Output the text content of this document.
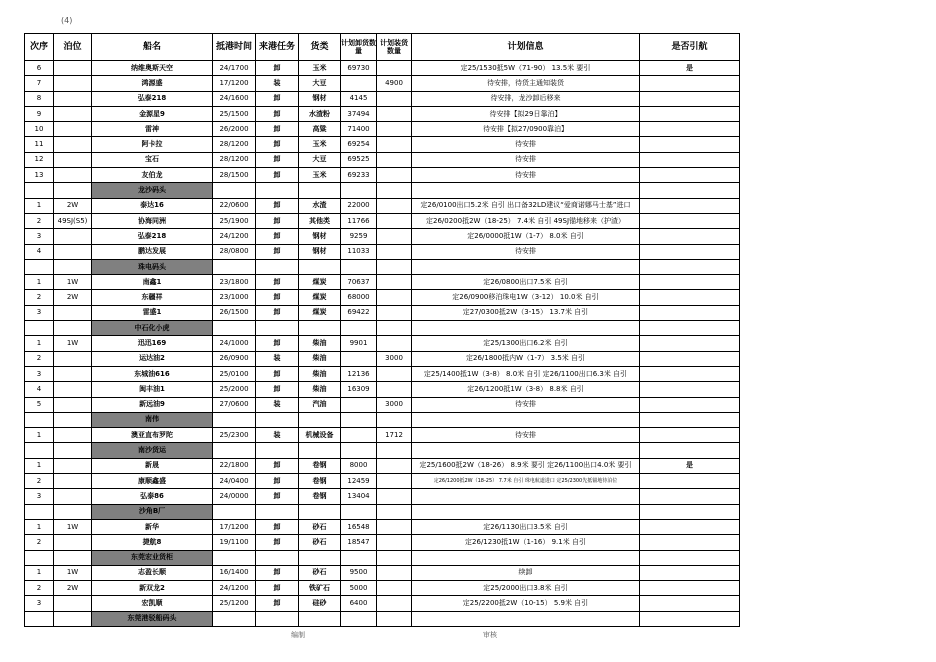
(4)
次序	泊位	船名	抵港时间	来港任务	货类	计划卸货数量	计划装货数量	计划信息	是否引航
6		纳维奥斯天空	24/1700	卸	玉米	69730		定25/1530抵5W（71-90） 13.5米 要引	是
7		鸿源盛	17/1200	装	大豆		4900	待安排，待货主通知装货	
8		弘泰218	24/1600	卸	钢材	4145		待安排，龙沙卸后移来	
9		金源星9	25/1500	卸	水渣粉	37494		待安排【拟29日靠泊】	
10		雷神	26/2000	卸	高粱	71400		待安排【拟27/0900靠泊】	
11		阿卡拉	28/1200	卸	玉米	69254		待安排	
12		宝石	28/1200	卸	大豆	69525		待安排	
13		友伯龙	28/1500	卸	玉米	69233		待安排	
		龙沙码头							
1	2W	泰达16	22/0600	卸	水渣	22000		定26/0100出口5.2米 自引 出口备32LD建议“爱商诺娜马士基”进口	
2	49SJ(S5)	协海同洲	25/1900	卸	其他类	11766		定26/0200抵2W（18-25） 7.4米 自引 49SJ锚地移来（护渣）	
3		弘泰218	24/1200	卸	钢材	9259		定26/0000抵1W（1-7） 8.0米 自引	
4		鹏达发展	28/0800	卸	钢材	11033		待安排	
		珠电码头							
1	1W	南鑫1	23/1800	卸	煤炭	70637		定26/0800出口7.5米 自引	
2	2W	东疆祥	23/1000	卸	煤炭	68000		定26/0900移泊珠电1W（3-12） 10.0米 自引	
3		雷盛1	26/1500	卸	煤炭	69422		定27/0300抵2W（3-15） 13.7米 自引	
		中石化小虎							
1	1W	迅迅169	24/1000	卸	柴油	9901		定25/1300出口6.2米 自引	
2		运达油2	26/0900	装	柴油		3000	定26/1800抵内W（1-7） 3.5米 自引	
3		东城油616	25/0100	卸	柴油	12136		定25/1400抵1W（3-8） 8.0米 自引 定26/1100出口6.3米 自引	
4		闽丰油1	25/2000	卸	柴油	16309		定26/1200抵1W（3-8） 8.8米 自引	
5		新远油9	27/0600	装	汽油		3000	待安排	
		南伟							
1		澳亚直布罗陀	25/2300	装	机械设备		1712	待安排	
		南沙货运							
1		新晟	22/1800	卸	卷钢	8000		定25/1600抵2W（18-26） 8.9米 要引 定26/1100出口4.0米 要引	是
2		康顺鑫盛	24/0400	卸	卷钢	12459		定26/1200抵2W（18-25） 7.7米 自引 珠电航道进口 定25/2300先抵锚地待泊位	
3		弘泰86	24/0000	卸	卷钢	13404			
		沙角B厂							
1	1W	新华	17/1200	卸	砂石	16548		定26/1130出口3.5米 自引	
2		捷航8	19/1100	卸	砂石	18547		定26/1230抵1W（1-16） 9.1米 自引	
		东莞宏业货柜							
1	1W	志盈长顺	16/1400	卸	砂石	9500		续卸	
2	2W	新双龙2	24/1200	卸	铁矿石	5000		定25/2000出口3.8米 自引	
3		宏凯顺	25/1200	卸	硅砂	6400		定25/2200抵2W（10-15） 5.9米 自引	
		东莞港驳船码头							
编制	审核
